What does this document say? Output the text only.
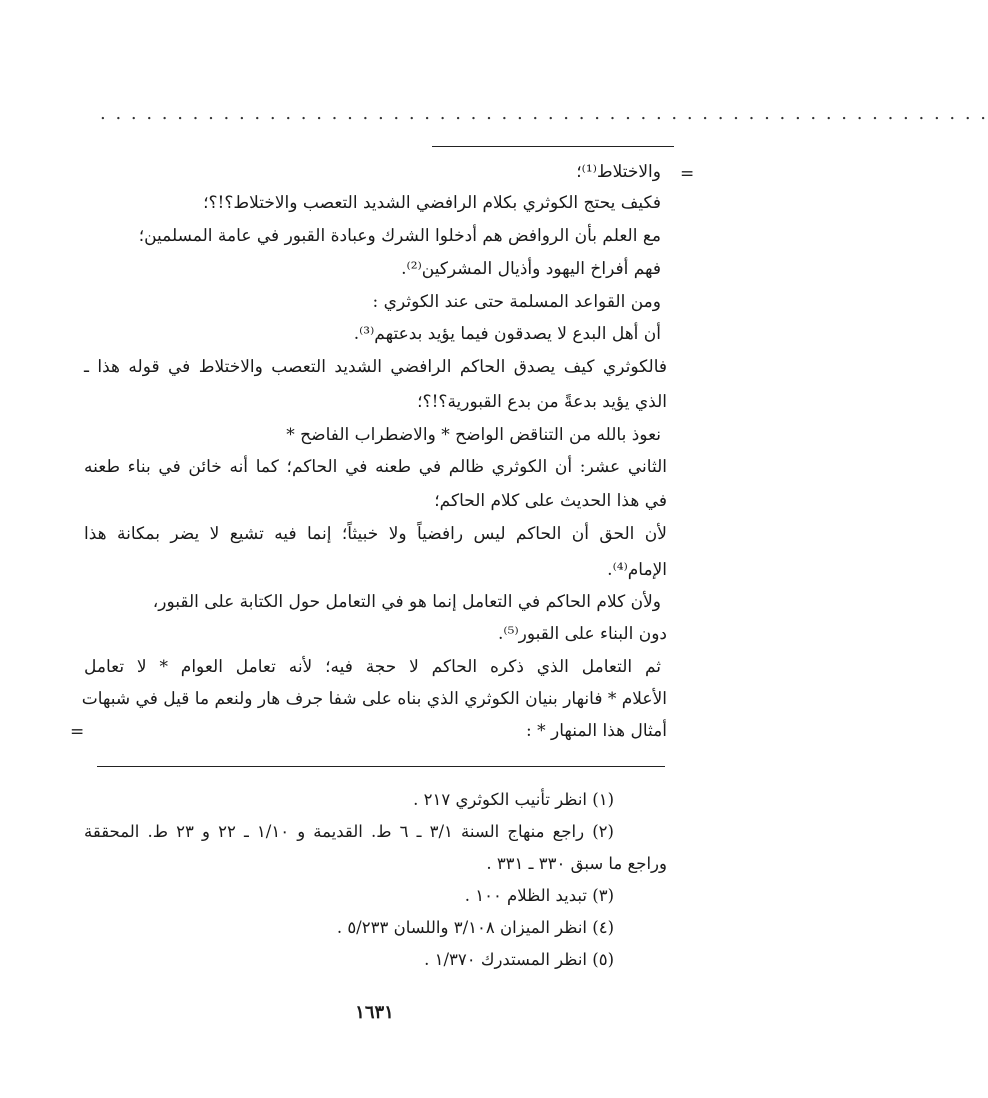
. . . . . . . . . . . . . . . . . . . . . . . . . . . . . . . . . . . . . . . . . . . . . . . . . . . . . . . . . .
=
والاختلاط⁽¹⁾؛
فكيف يحتج الكوثري بكلام الرافضي الشديد التعصب والاختلاط؟!؟؛
مع العلم بأن الروافض هم أدخلوا الشرك وعبادة القبور في عامة المسلمين؛
فهم أفراخ اليهود وأذيال المشركين⁽²⁾.
ومن القواعد المسلمة حتى عند الكوثري :
أن أهل البدع لا يصدقون فيما يؤيد بدعتهم⁽³⁾.
فالكوثري كيف يصدق الحاكم الرافضي الشديد التعصب والاختلاط في قوله هذا ـ
الذي يؤيد بدعةً من بدع القبورية؟!؟؛
نعوذ بالله من التناقض الواضح * والاضطراب الفاضح *
الثاني عشر: أن الكوثري ظالم في طعنه في الحاكم؛ كما أنه خائن في بناء طعنه
في هذا الحديث على كلام الحاكم؛
لأن الحق أن الحاكم ليس رافضياً ولا خبيثاً؛ إنما فيه تشيع لا يضر بمكانة هذا
الإمام⁽⁴⁾.
ولأن كلام الحاكم في التعامل إنما هو في التعامل حول الكتابة على القبور،
دون البناء على القبور⁽⁵⁾.
ثم التعامل الذي ذكره الحاكم لا حجة فيه؛ لأنه تعامل العوام * لا تعامل
الأعلام * فانهار بنيان الكوثري الذي بناه على شفا جرف هار ولنعم ما قيل في شبهات
أمثال هذا المنهار * :
=
(١) انظر تأنيب الكوثري ٢١٧ .
(٢) راجع منهاج السنة ٣/١ ـ ٦ ط. القديمة و ١/١٠ ـ ٢٢ و ٢٣ ط. المحققة
وراجع ما سبق ٣٣٠ ـ ٣٣١ .
(٣) تبديد الظلام ١٠٠ .
(٤) انظر الميزان ٣/١٠٨ واللسان ٥/٢٣٣ .
(٥) انظر المستدرك ١/٣٧٠ .
١٦٣١
